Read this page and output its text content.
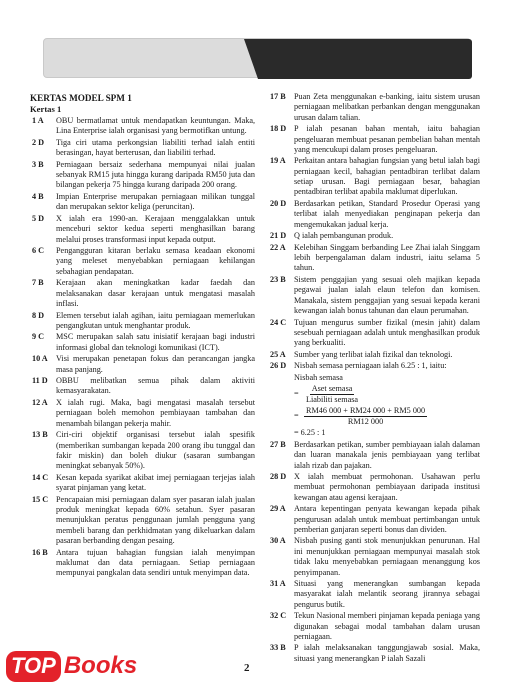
JAWAPAN
KERTAS MODEL SPM 1
Kertas 1
1 A	OBU bermatlamat untuk mendapatkan keuntungan. Maka, Lina Enterprise ialah organisasi yang bermotifkan untung.
2 D	Tiga ciri utama perkongsian liabiliti terhad ialah entiti berasingan, hayat berterusan, dan liabiliti terhad.
3 B	Perniagaan bersaiz sederhana mempunyai nilai jualan sebanyak RM15 juta hingga kurang daripada RM50 juta dan bilangan pekerja 75 hingga kurang daripada 200 orang.
4 B	Impian Enterprise merupakan perniagaan milikan tunggal dan merupakan sektor keliga (peruncitan).
5 D	X ialah era 1990-an. Kerajaan menggalakkan untuk menceburi sektor kedua seperti menghasilkan barang melalui proses transformasi input kepada output.
6 C	Pengangguran kitaran berlaku semasa keadaan ekonomi yang meleset menyebabkan perniagaan kehilangan sebahagian pendapatan.
7 B	Kerajaan akan meningkatkan kadar faedah dan melaksanakan dasar kerajaan untuk mengatasi masalah inflasi.
8 D	Elemen tersebut ialah agihan, iaitu perniagaan memerlukan pengangkutan untuk menghantar produk.
9 C	MSC merupakan salah satu inisiatif kerajaan bagi industri informasi global dan teknologi komunikasi (ICT).
10 A	Visi merupakan penetapan fokus dan perancangan jangka masa panjang.
11 D	OBBU melibatkan semua pihak dalam aktiviti kemasyarakatan.
12 A	X ialah rugi. Maka, bagi mengatasi masalah tersebut perniagaan boleh memohon pembiayaan tambahan dan menambah bilangan pekerja mahir.
13 B	Ciri-ciri objektif organisasi tersebut ialah spesifik (memberikan sumbangan kepada 200 orang ibu tunggal dan fakir miskin) dan boleh diukur (sasaran sumbangan meningkat sebanyak 50%).
14 C Kesan kepada syarikat akibat imej perniagaan terjejas ialah syarat pinjaman yang ketat.
15 C Pencapaian misi perniagaan dalam syer pasaran ialah jualan produk meningkat kepada 60% setahun. Syer pasaran menunjukkan peratus penggunaan jumlah pengguna yang membeli barang dan perkhidmatan yang dikeluarkan dalam pasaran berbanding dengan pesaing.
16 B	Antara tujuan bahagian fungsian ialah menyimpan maklumat dan data perniagaan. Setiap perniagaan mempunyai pangkalan data sendiri untuk menyimpan data.
17 B	Puan Zeta menggunakan e-banking, iaitu sistem urusan perniagaan melibatkan perbankan dengan menggunakan urusan dalam talian.
18 D P ialah pesanan bahan mentah, iaitu bahagian pengeluaran membuat pesanan pembelian bahan mentah yang mencukupi dalam proses pengeluaran.
19 A	Perkaitan antara bahagian fungsian yang betul ialah bagi perniagaan kecil, bahagian pentadbiran terlibat dalam setiap urusan. Bagi perniagaan besar, bahagian pentadbiran terlibat apabila maklumat diperlukan.
20 D Berdasarkan petikan, Standard Prosedur Operasi yang terlibat ialah menyediakan penginapan pekerja dan mengemukakan jadual kerja.
21 D Q ialah pembangunan produk.
22 A	Kelebihan Singgam berbanding Lee Zhai ialah Singgam lebih berpengalaman dalam industri, iaitu selama 5 tahun.
23 B	Sistem penggajian yang sesuai oleh majikan kepada pegawai jualan ialah elaun telefon dan komisen. Manakala, sistem penggajian yang sesuai kepada kerani kewangan ialah bonus tahunan dan elaun perumahan.
24 C Tujuan mengurus sumber fizikal (mesin jahit) dalam sesebuah perniagaan adalah untuk menghasilkan produk yang berkualiti.
25 A	Sumber yang terlibat ialah fizikal dan teknologi.
26 D Nisbah semasa perniagaan ialah 6.25 : 1, iaitu:
Nisbah semasa
= $\frac{\text{Aset semasa}}{\text{Liabiliti semasa}}$
= $\frac{RM46 000 + RM24 000 + RM5 000}{RM12 000}$
= 6.25 : 1
27 B	Berdasarkan petikan, sumber pembiayaan ialah dalaman dan luaran manakala jenis pembiayaan yang terlibat ialah rizab dan pajakan.
28 D X ialah membuat permohonan. Usahawan perlu membuat permohonan pembiayaan daripada institusi kewangan atau agensi kerajaan.
29 A	Antara kepentingan penyata kewangan kepada pihak pengurusan adalah untuk membuat pertimbangan untuk pemberian ganjaran seperti bonus dan dividen.
30 A	Nisbah pusing ganti stok menunjukkan penurunan. Hal ini menunjukkan perniagaan mempunyai masalah stok tidak laku menyebabkan perniagaan menanggung kos penyimpanan.
31 A	Situasi yang menerangkan sumbangan kepada masyarakat ialah melantik seorang jirannya sebagai pengurus butik.
32 C Tekun Nasional memberi pinjaman kepada peniaga yang digunakan sebagai modal tambahan dalam urusan perniagaan.
33 B	P ialah melaksanakan tanggungjawab sosial. Maka, situasi yang menerangkan P ialah Sazali
2
TOP Books
